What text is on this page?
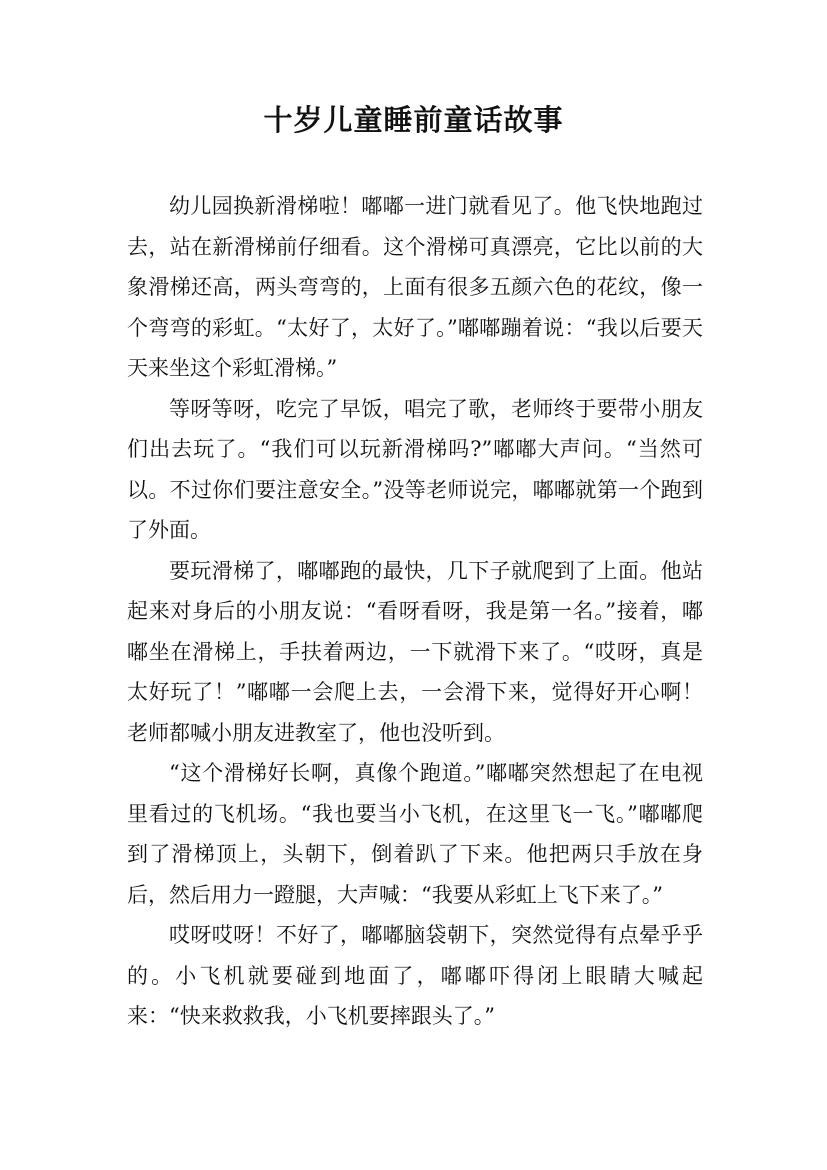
十岁儿童睡前童话故事

幼儿园换新滑梯啦！嘟嘟一进门就看见了。他飞快地跑过去，站在新滑梯前仔细看。这个滑梯可真漂亮，它比以前的大象滑梯还高，两头弯弯的，上面有很多五颜六色的花纹，像一个弯弯的彩虹。“太好了，太好了。”嘟嘟蹦着说：“我以后要天天来坐这个彩虹滑梯。”

等呀等呀，吃完了早饭，唱完了歌，老师终于要带小朋友们出去玩了。“我们可以玩新滑梯吗?”嘟嘟大声问。“当然可以。不过你们要注意安全。”没等老师说完，嘟嘟就第一个跑到了外面。

要玩滑梯了，嘟嘟跑的最快，几下子就爬到了上面。他站起来对身后的小朋友说：“看呀看呀，我是第一名。”接着，嘟嘟坐在滑梯上，手扶着两边，一下就滑下来了。“哎呀，真是太好玩了！”嘟嘟一会爬上去，一会滑下来，觉得好开心啊！老师都喊小朋友进教室了，他也没听到。

“这个滑梯好长啊，真像个跑道。”嘟嘟突然想起了在电视里看过的飞机场。“我也要当小飞机，在这里飞一飞。”嘟嘟爬到了滑梯顶上，头朝下，倒着趴了下来。他把两只手放在身后，然后用力一蹬腿，大声喊：“我要从彩虹上飞下来了。”

哎呀哎呀！不好了，嘟嘟脑袋朝下，突然觉得有点晕乎乎的。小飞机就要碰到地面了，嘟嘟吓得闭上眼睛大喊起来：“快来救救我，小飞机要摔跟头了。”
